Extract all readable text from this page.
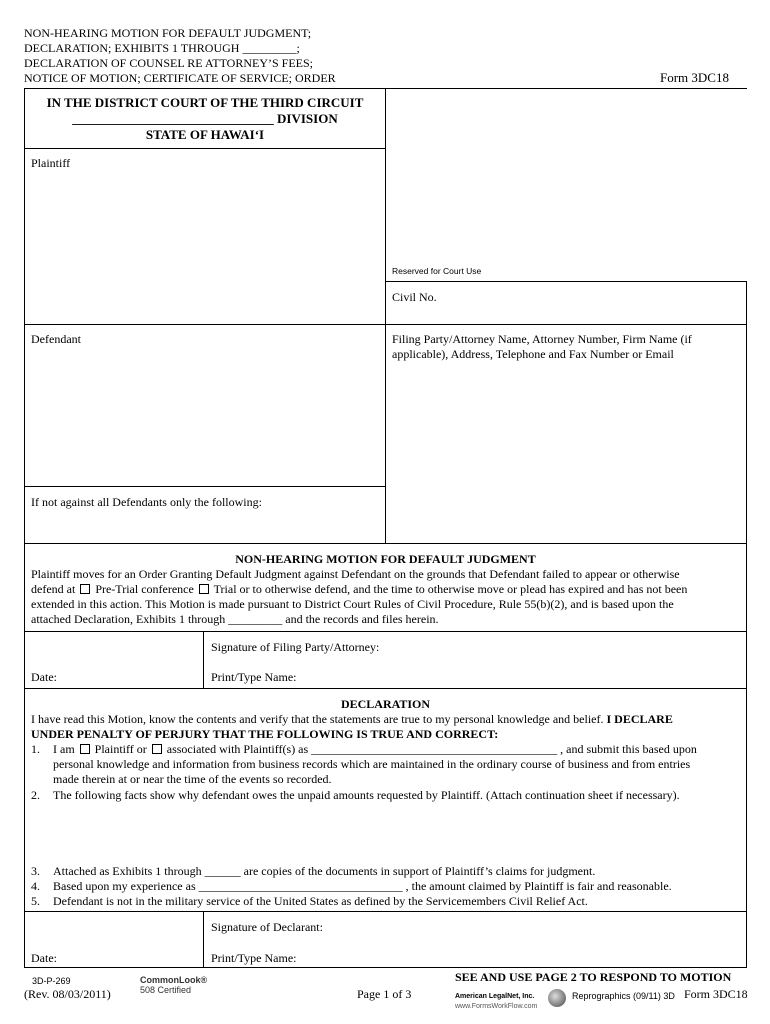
NON-HEARING MOTION FOR DEFAULT JUDGMENT;
DECLARATION; EXHIBITS 1 THROUGH _________;
DECLARATION OF COUNSEL RE ATTORNEY’S FEES;
NOTICE OF MOTION; CERTIFICATE OF SERVICE; ORDER	Form 3DC18
IN THE DISTRICT COURT OF THE THIRD CIRCUIT
_______________________________ DIVISION
STATE OF HAWAI‘I
Plaintiff
Reserved for Court Use
Civil No.
Defendant	Filing Party/Attorney Name, Attorney Number, Firm Name (if
applicable), Address, Telephone and Fax Number or Email
If not against all Defendants only the following:
NON-HEARING MOTION FOR DEFAULT JUDGMENT
Plaintiff moves for an Order Granting Default Judgment against Defendant on the grounds that Defendant failed to appear or otherwise
defend at Pre-Trial conference Trial or to otherwise defend, and the time to otherwise move or plead has expired and has not been
extended in this action. This Motion is made pursuant to District Court Rules of Civil Procedure, Rule 55(b)(2), and is based upon the
attached Declaration, Exhibits 1 through _________ and the records and files herein.
Signature of Filing Party/Attorney:
Date:	Print/Type Name:
DECLARATION
I have read this Motion, know the contents and verify that the statements are true to my personal knowledge and belief. I DECLARE
UNDER PENALTY OF PERJURY THAT THE FOLLOWING IS TRUE AND CORRECT:
1. I am Plaintiff or associated with Plaintiff(s) as _________________________________________ , and submit this based upon
personal knowledge and information from business records which are maintained in the ordinary course of business and from entries
made therein at or near the time of the events so recorded.
2. The following facts show why defendant owes the unpaid amounts requested by Plaintiff. (Attach continuation sheet if necessary).
3. Attached as Exhibits 1 through ______ are copies of the documents in support of Plaintiff’s claims for judgment.
4. Based upon my experience as __________________________________ , the amount claimed by Plaintiff is fair and reasonable.
5. Defendant is not in the military service of the United States as defined by the Servicemembers Civil Relief Act.
Signature of Declarant:
Date:	Print/Type Name:
3D-P-269
(Rev. 08/03/2011)
CommonLook®
508 Certified	Page 1 of 3
SEE AND USE PAGE 2 TO RESPOND TO MOTION
American LegalNet, Inc.
www.FormsWorkFlow.com
Reprographics (09/11) 3D Form 3DC18
